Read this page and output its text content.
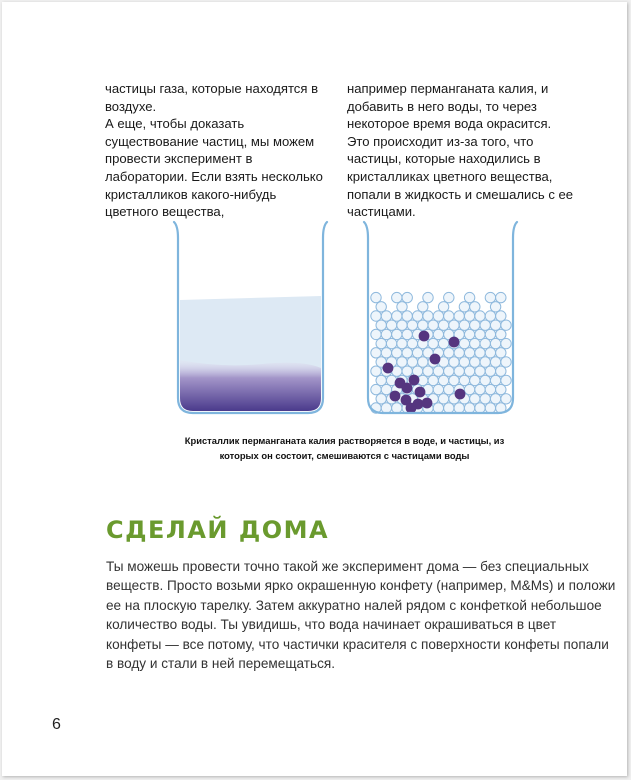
частицы газа, которые находятся в воздухе.

А еще, чтобы доказать существование частиц, мы можем провести эксперимент в лаборатории. Если взять несколько кристалликов какого-нибудь цветного вещества,

например перманганата калия, и добавить в него воды, то через некоторое время вода окрасится. Это происходит из-за того, что частицы, которые находились в кристалликах цветного вещества, попали в жидкость и смешались с ее частицами.

Кристаллик перманганата калия растворяется в воде, и частицы, из
которых он состоит, смешиваются с частицами воды

СДЕЛАЙ ДОМА

Ты можешь провести точно такой же эксперимент дома — без специальных
веществ. Просто возьми ярко окрашенную конфету (например, M&Ms) и положи
ее на плоскую тарелку. Затем аккуратно налей рядом с конфеткой небольшое
количество воды. Ты увидишь, что вода начинает окрашиваться в цвет
конфеты — все потому, что частички красителя с поверхности конфеты попали
в воду и стали в ней перемещаться.

6
